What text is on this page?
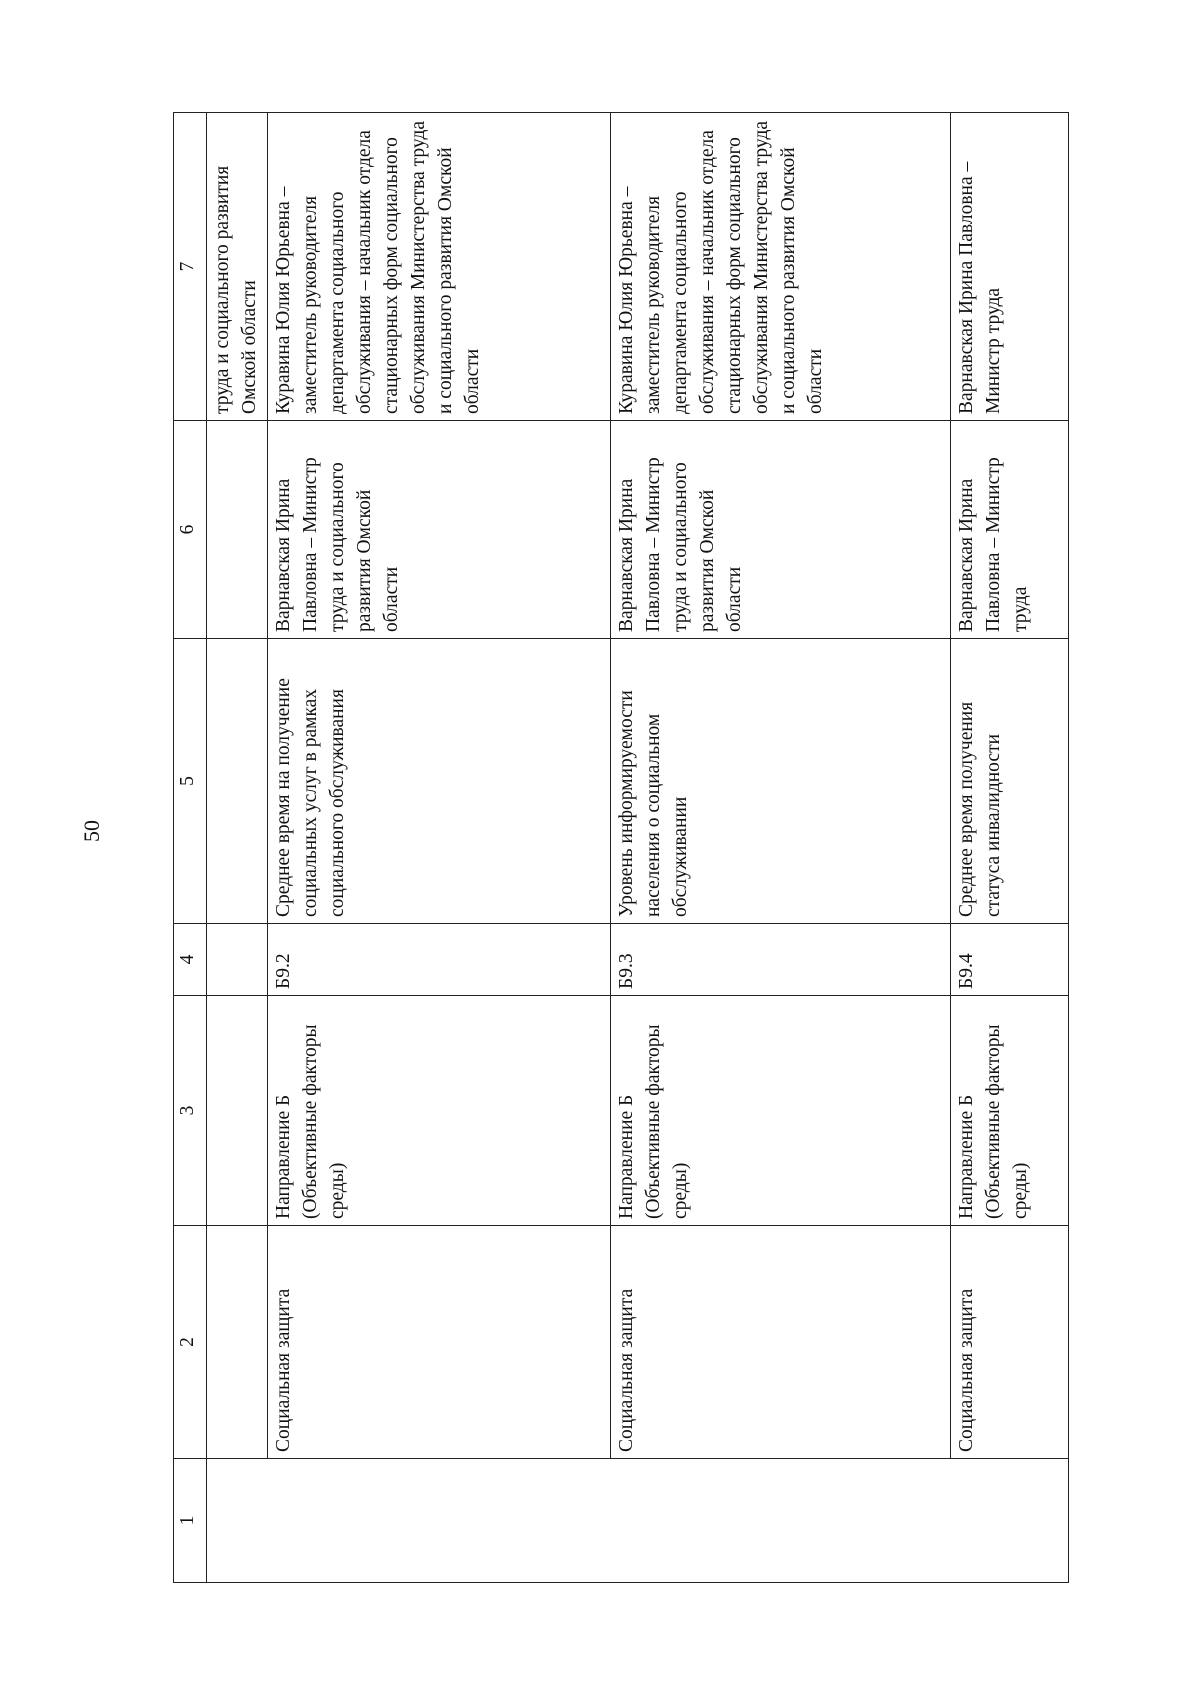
50
1	2	3	4	5	6	7
						труда и социального развития Омской области
	Социальная защита	Направление Б (Объективные факторы среды)	Б9.2	Среднее время на получение социальных услуг в рамках социального обслуживания	Варнавская Ирина Павловна – Министр труда и социального развития Омской области	Куравина Юлия Юрьевна – заместитель руководителя департамента социального обслуживания – начальник отдела стационарных форм социального обслуживания Министерства труда и социального развития Омской области
	Социальная защита	Направление Б (Объективные факторы среды)	Б9.3	Уровень информируемости населения о социальном обслуживании	Варнавская Ирина Павловна – Министр труда и социального развития Омской области	Куравина Юлия Юрьевна – заместитель руководителя департамента социального обслуживания – начальник отдела стационарных форм социального обслуживания Министерства труда и социального развития Омской области
	Социальная защита	Направление Б (Объективные факторы среды)	Б9.4	Среднее время получения статуса инвалидности	Варнавская Ирина Павловна – Министр труда	Варнавская Ирина Павловна – Министр труда
